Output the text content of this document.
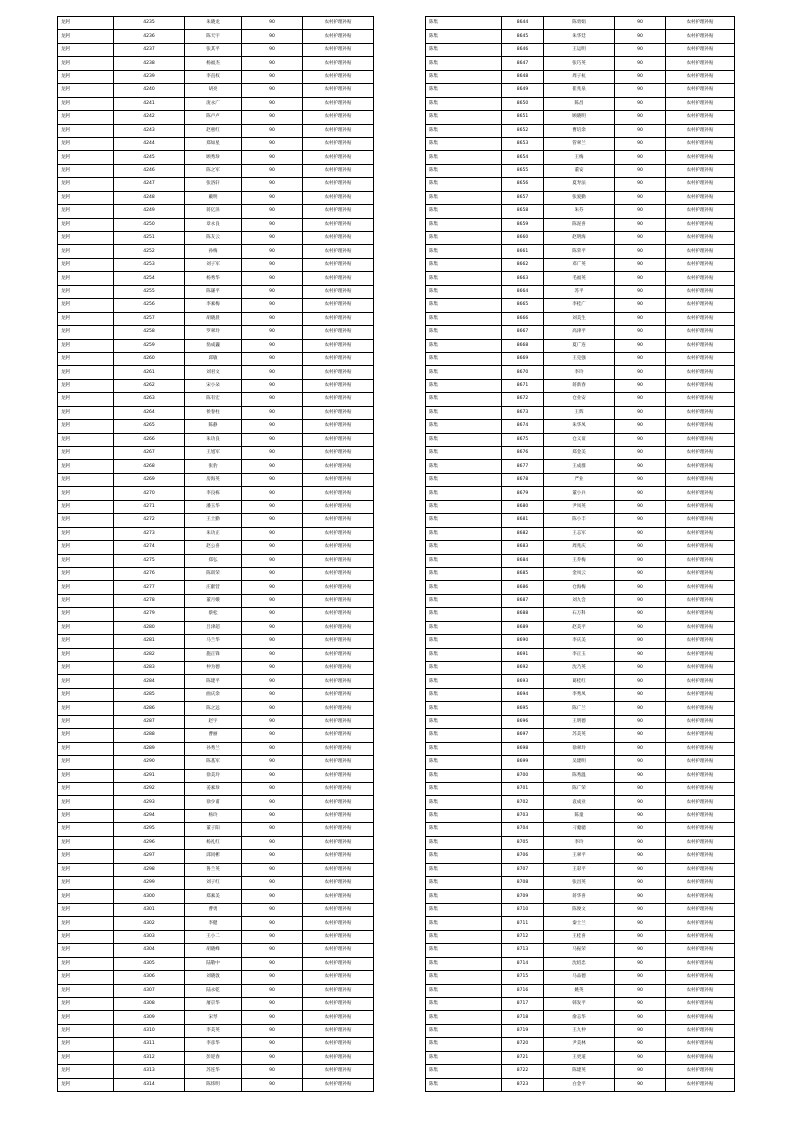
龙阿	4235	朱晓龙	90	农村护理补贴
龙阿	4236	陈天宇	90	农村护理补贴
龙阿	4237	张其平	90	农村护理补贴
龙阿	4238	杨福杰	90	农村护理补贴
龙阿	4239	李直权	90	农村护理补贴
龙阿	4240	胡亮	90	农村护理补贴
龙阿	4241	庞永广	90	农村护理补贴
龙阿	4242	陈卢卢	90	农村护理补贴
龙阿	4243	赵惠红	90	农村护理补贴
龙阿	4244	郑如星	90	农村护理补贴
龙阿	4245	顾秀珍	90	农村护理补贴
龙阿	4246	陈之军	90	农村护理补贴
龙阿	4247	张洛轩	90	农村护理补贴
龙阿	4248	戴明	90	农村护理补贴
龙阿	4249	蒋亿泽	90	农村护理补贴
龙阿	4250	章永良	90	农村护理补贴
龙阿	4251	陈友云	90	农村护理补贴
龙阿	4252	孙梅	90	农村护理补贴
龙阿	4253	刘子军	90	农村护理补贴
龙阿	4254	杨秀华	90	农村护理补贴
龙阿	4255	陈谦平	90	农村护理补贴
龙阿	4256	李素梅	90	农村护理补贴
龙阿	4257	胡晓晨	90	农村护理补贴
龙阿	4258	罗翠玲	90	农村护理补贴
龙阿	4259	翁成巍	90	农村护理补贴
龙阿	4260	邱敏	90	农村护理补贴
龙阿	4261	刘君文	90	农村护理补贴
龙阿	4262	宋小朵	90	农村护理补贴
龙阿	4263	陈有宏	90	农村护理补贴
龙阿	4264	侯春柱	90	农村护理补贴
龙阿	4265	陈静	90	农村护理补贴
龙阿	4266	朱功良	90	农村护理补贴
龙阿	4267	王旭军	90	农村护理补贴
龙阿	4268	张豹	90	农村护理补贴
龙阿	4269	房海英	90	农村护理补贴
龙阿	4270	李良栋	90	农村护理补贴
龙阿	4271	潘玉华	90	农村护理补贴
龙阿	4272	王士勤	90	农村护理补贴
龙阿	4273	朱功正	90	农村护理补贴
龙阿	4274	赵公喜	90	农村护理补贴
龙阿	4275	郑弘	90	农村护理补贴
龙阿	4276	陈训荣	90	农村护理补贴
龙阿	4277	庄献营	90	农村护理补贴
龙阿	4278	董月娥	90	农村护理补贴
龙阿	4279	蔡松	90	农村护理补贴
龙阿	4280	吕津超	90	农村护理补贴
龙阿	4281	马兰华	90	农村护理补贴
龙阿	4282	施正锋	90	农村护理补贴
龙阿	4283	仲为德	90	农村护理补贴
龙阿	4284	陈建平	90	农村护理补贴
龙阿	4285	曲庆余	90	农村护理补贴
龙阿	4286	陈之远	90	农村护理补贴
龙阿	4287	赵宇	90	农村护理补贴
龙阿	4288	曹丽	90	农村护理补贴
龙阿	4289	孙秀兰	90	农村护理补贴
龙阿	4290	陈基军	90	农村护理补贴
龙阿	4291	徐美玲	90	农村护理补贴
龙阿	4292	姜素珍	90	农村护理补贴
龙阿	4293	徐少甫	90	农村护理补贴
龙阿	4294	杨玲	90	农村护理补贴
龙阿	4295	董子阳	90	农村护理补贴
龙阿	4296	杨礼红	90	农村护理补贴
龙阿	4297	邱同彬	90	农村护理补贴
龙阿	4298	鲁兰英	90	农村护理补贴
龙阿	4299	刘子红	90	农村护理补贴
龙阿	4300	郑素美	90	农村护理补贴
龙阿	4301	曹勇	90	农村护理补贴
龙阿	4302	李健	90	农村护理补贴
龙阿	4303	王小二	90	农村护理补贴
龙阿	4304	胡晓峰	90	农村护理补贴
龙阿	4305	陆敬中	90	农村护理补贴
龙阿	4306	刘晓敦	90	农村护理补贴
龙阿	4307	陆永乾	90	农村护理补贴
龙阿	4308	屠京华	90	农村护理补贴
龙阿	4309	宋琴	90	农村护理补贴
龙阿	4310	李美英	90	农村护理补贴
龙阿	4311	李彦华	90	农村护理补贴
龙阿	4312	彭迎春	90	农村护理补贴
龙阿	4313	苏连华	90	农村护理补贴
龙阿	4314	陈炜明	90	农村护理补贴
陈集	8644	陈勇娟	90	农村护理补贴
陈集	8645	朱华廷	90	农村护理补贴
陈集	8646	王运明	90	农村护理补贴
陈集	8647	张巧英	90	农村护理补贴
陈集	8648	周子杭	90	农村护理补贴
陈集	8649	崔兆泉	90	农村护理补贴
陈集	8650	陈昌	90	农村护理补贴
陈集	8651	顾晓明	90	农村护理补贴
陈集	8652	曹培余	90	农村护理补贴
陈集	8653	管翠兰	90	农村护理补贴
陈集	8654	王梅	90	农村护理补贴
陈集	8655	董安	90	农村护理补贴
陈集	8656	夏寿法	90	农村护理补贴
陈集	8657	张爱勤	90	农村护理补贴
陈集	8658	朱芬	90	农村护理补贴
陈集	8659	陈泥喜	90	农村护理补贴
陈集	8660	赵明海	90	农村护理补贴
陈集	8661	陈荣平	90	农村护理补贴
陈集	8662	邓广英	90	农村护理补贴
陈集	8663	毛福英	90	农村护理补贴
陈集	8664	苏平	90	农村护理补贴
陈集	8665	李桂广	90	农村护理补贴
陈集	8666	刘美生	90	农村护理补贴
陈集	8667	高津平	90	农村护理补贴
陈集	8668	夏广连	90	农村护理补贴
陈集	8669	王克强	90	农村护理补贴
陈集	8670	李玲	90	农村护理补贴
陈集	8671	蒋新春	90	农村护理补贴
陈集	8672	仓业安	90	农村护理补贴
陈集	8673	王辉	90	农村护理补贴
陈集	8674	朱华凤	90	农村护理补贴
陈集	8675	仓义谊	90	农村护理补贴
陈集	8676	郑金美	90	农村护理补贴
陈集	8677	王成群	90	农村护理补贴
陈集	8678	严业	90	农村护理补贴
陈集	8679	董小兵	90	农村护理补贴
陈集	8680	尹凤英	90	农村护理补贴
陈集	8681	陈小丰	90	农村护理补贴
陈集	8682	王志军	90	农村护理补贴
陈集	8683	周兆庆	90	农村护理补贴
陈集	8684	王乔梅	90	农村护理补贴
陈集	8685	金凤云	90	农村护理补贴
陈集	8686	仓海梅	90	农村护理补贴
陈集	8687	刘九会	90	农村护理补贴
陈集	8688	石万科	90	农村护理补贴
陈集	8689	赵美平	90	农村护理补贴
陈集	8690	李庆美	90	农村护理补贴
陈集	8691	李正玉	90	农村护理补贴
陈集	8692	沈乃英	90	农村护理补贴
陈集	8693	葛桂红	90	农村护理补贴
陈集	8694	李秀凤	90	农村护理补贴
陈集	8695	陈广兰	90	农村护理补贴
陈集	8696	王明德	90	农村护理补贴
陈集	8697	苏美英	90	农村护理补贴
陈集	8698	徐翠玲	90	农村护理补贴
陈集	8699	吴建明	90	农村护理补贴
陈集	8700	陈秀温	90	农村护理补贴
陈集	8701	陈广荣	90	农村护理补贴
陈集	8702	袁成业	90	农村护理补贴
陈集	8703	陈童	90	农村护理补贴
陈集	8704	刁骢骢	90	农村护理补贴
陈集	8705	李玲	90	农村护理补贴
陈集	8706	王翠平	90	农村护理补贴
陈集	8707	王彩平	90	农村护理补贴
陈集	8708	张昌英	90	农村护理补贴
陈集	8709	蒋华喜	90	农村护理补贴
陈集	8710	陈俊文	90	农村护理补贴
陈集	8711	秦士兰	90	农村护理补贴
陈集	8712	王桂喜	90	农村护理补贴
陈集	8713	马振荣	90	农村护理补贴
陈集	8714	沈绍忠	90	农村护理补贴
陈集	8715	马品德	90	农村护理补贴
陈集	8716	姚英	90	农村护理补贴
陈集	8717	韩发平	90	农村护理补贴
陈集	8718	俞志华	90	农村护理补贴
陈集	8719	王九仲	90	农村护理补贴
陈集	8720	尹美林	90	农村护理补贴
陈集	8721	王更道	90	农村护理补贴
陈集	8722	陈建英	90	农村护理补贴
陈集	8723	白金平	90	农村护理补贴
